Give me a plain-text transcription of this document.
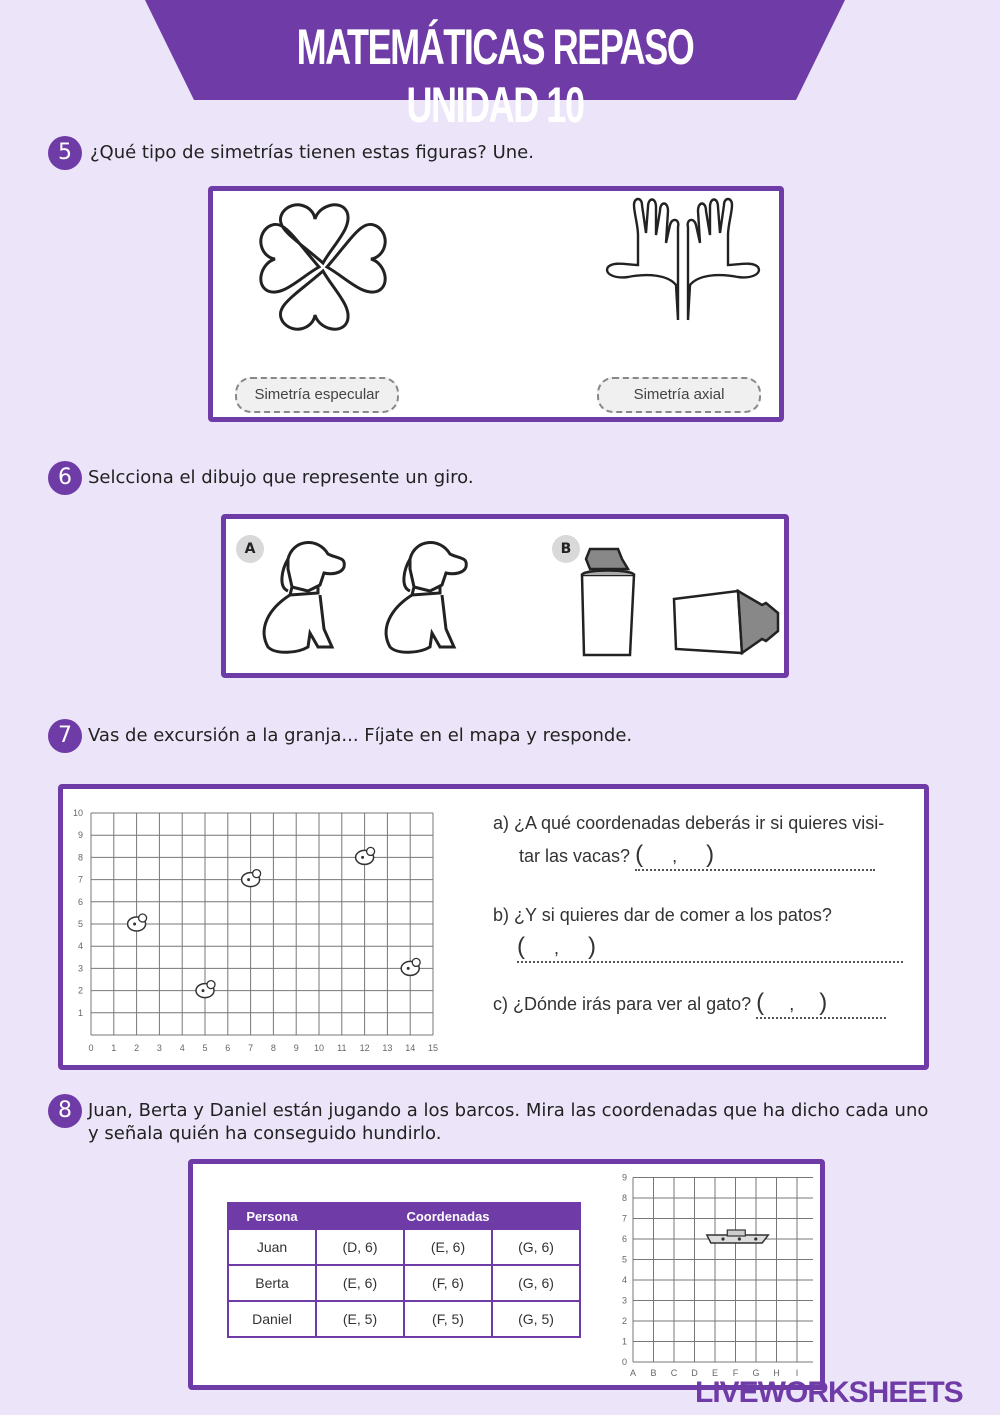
MATEMÁTICAS REPASO UNIDAD 10
5	¿Qué tipo de simetrías tienen estas figuras? Une.
Simetría especular	Simetría axial
6 Selcciona el dibujo que represente un giro.
A	B
7 Vas de excursión a la granja... Fíjate en el mapa y responde.
0 1 2 3 4 5 6 7 8 9 10 11 12 13 14 15
1
2
3
4
5
6
7
8
9
10	a) ¿A qué coordenadas deberás ir si quieres visi-
tar las vacas? ( , )
b) ¿Y si quieres dar de comer a los patos?
( , )
c) ¿Dónde irás para ver al gato? ( , )
8 Juan, Berta y Daniel están jugando a los barcos. Mira las coordenadas que ha dicho cada uno
y señala quién ha conseguido hundirlo.
Persona	Coordenadas		
Juan	(D, 6)	(E, 6)	(G, 6)
Berta	(E, 6)	(F, 6)	(G, 6)
Daniel	(E, 5)	(F, 5)	(G, 5)
A B C D E F G H I
0
1
2
3
4
5
6
7
8
9
LIVEWORKSHEETS
